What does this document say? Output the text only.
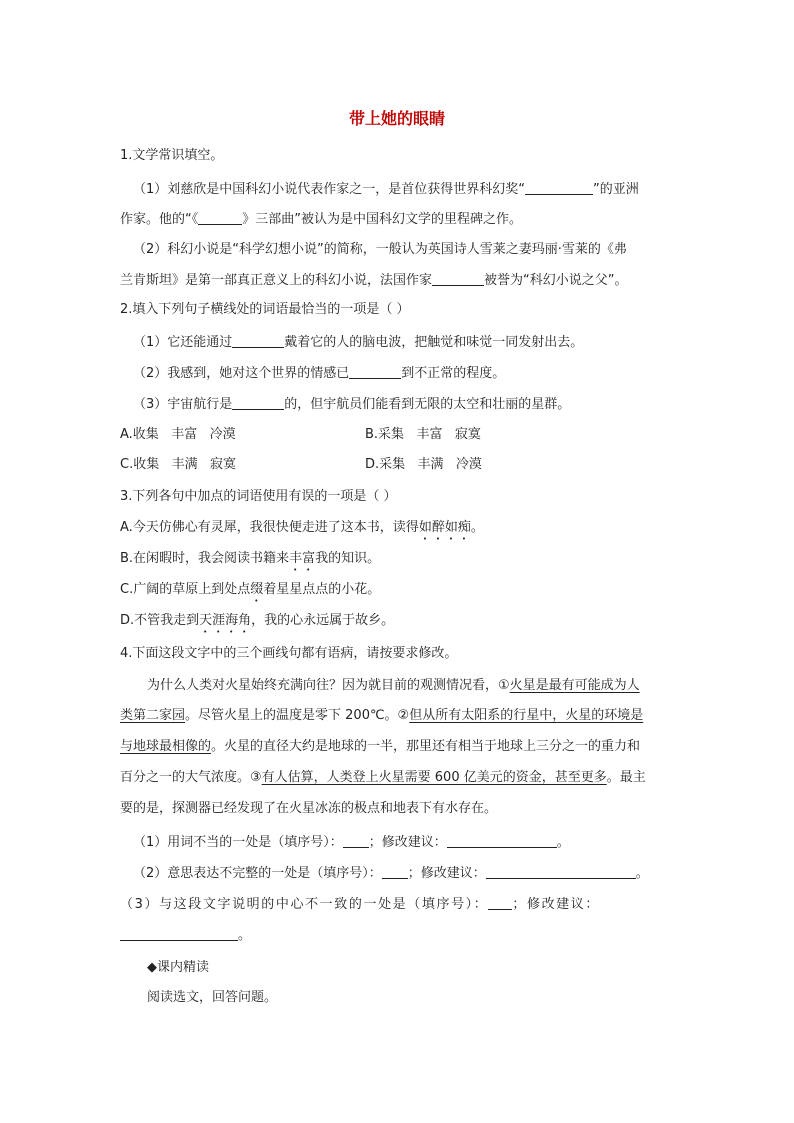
带上她的眼睛
1.文学常识填空。
（1）刘慈欣是中国科幻小说代表作家之一，是首位获得世界科幻奖“	”的亚洲
作家。他的“《	》三部曲”被认为是中国科幻文学的里程碑之作。
（2）科幻小说是“科学幻想小说”的简称，一般认为英国诗人雪莱之妻玛丽·雪莱的《弗
兰肯斯坦》是第一部真正意义上的科幻小说，法国作家	被誉为“科幻小说之父”。
2.填入下列句子横线处的词语最恰当的一项是（ ）
（1）它还能通过	戴着它的人的脑电波，把触觉和味觉一同发射出去。
（2）我感到，她对这个世界的情感已	到不正常的程度。
（3）宇宙航行是	的，但宇航员们能看到无限的太空和壮丽的星群。
A.收集   丰富   冷漠	B.采集   丰富   寂寞
C.收集   丰满   寂寞	D.采集   丰满   冷漠
3.下列各句中加点的词语使用有误的一项是（ ）
A.今天仿佛心有灵犀，我很快便走进了这本书，读得如醉如痴。
B.在闲暇时，我会阅读书籍来丰富我的知识。
C.广阔的草原上到处点缀着星星点点的小花。
D.不管我走到天涯海角，我的心永远属于故乡。
4.下面这段文字中的三个画线句都有语病，请按要求修改。
为什么人类对火星始终充满向往？因为就目前的观测情况看，①火星是最有可能成为人
类第二家园。尽管火星上的温度是零下 200℃。②但从所有太阳系的行星中，火星的环境是
与地球最相像的。火星的直径大约是地球的一半，那里还有相当于地球上三分之一的重力和
百分之一的大气浓度。③有人估算，人类登上火星需要 600 亿美元的资金，甚至更多。最主
要的是，探测器已经发现了在火星冰冻的极点和地表下有水存在。
（1）用词不当的一处是（填序号）： ；修改建议：	。
（2）意思表达不完整的一处是（填序号）： ；修改建议：	。
（3）与这段文字说明的中心不一致的一处是（填序号）： ；修改建议：
。
◆课内精读
阅读选文，回答问题。
